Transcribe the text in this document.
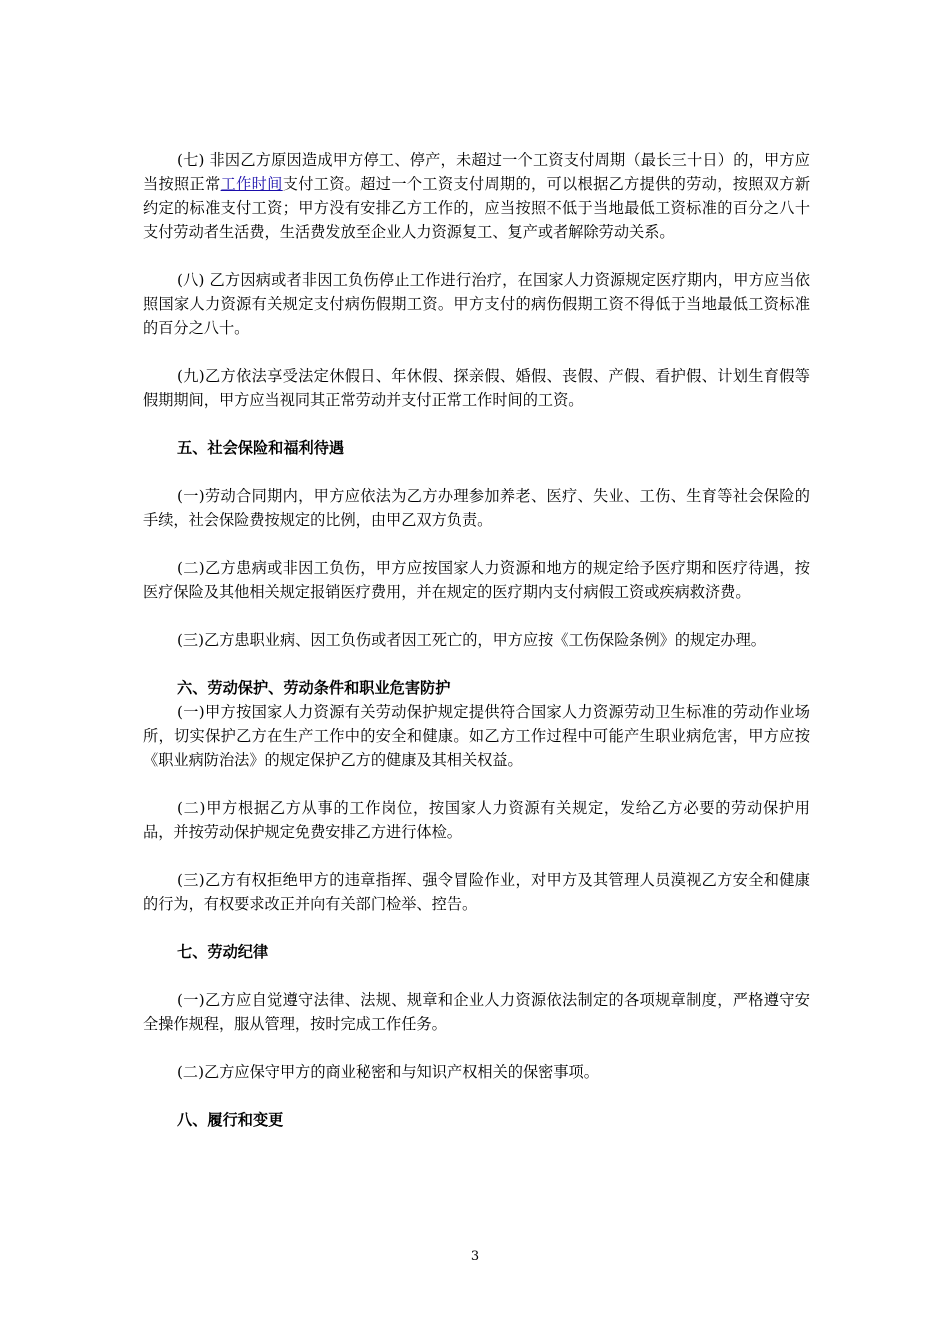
(七) 非因乙方原因造成甲方停工、停产，未超过一个工资支付周期（最长三十日）的，甲方应当按照正常工作时间支付工资。超过一个工资支付周期的，可以根据乙方提供的劳动，按照双方新约定的标准支付工资；甲方没有安排乙方工作的，应当按照不低于当地最低工资标准的百分之八十支付劳动者生活费，生活费发放至企业人力资源复工、复产或者解除劳动关系。

(八) 乙方因病或者非因工负伤停止工作进行治疗，在国家人力资源规定医疗期内，甲方应当依照国家人力资源有关规定支付病伤假期工资。甲方支付的病伤假期工资不得低于当地最低工资标准的百分之八十。

(九)乙方依法享受法定休假日、年休假、探亲假、婚假、丧假、产假、看护假、计划生育假等假期期间，甲方应当视同其正常劳动并支付正常工作时间的工资。

五、社会保险和福利待遇

(一)劳动合同期内，甲方应依法为乙方办理参加养老、医疗、失业、工伤、生育等社会保险的手续，社会保险费按规定的比例，由甲乙双方负责。

(二)乙方患病或非因工负伤，甲方应按国家人力资源和地方的规定给予医疗期和医疗待遇，按医疗保险及其他相关规定报销医疗费用，并在规定的医疗期内支付病假工资或疾病救济费。

(三)乙方患职业病、因工负伤或者因工死亡的，甲方应按《工伤保险条例》的规定办理。

六、劳动保护、劳动条件和职业危害防护

(一)甲方按国家人力资源有关劳动保护规定提供符合国家人力资源劳动卫生标准的劳动作业场所，切实保护乙方在生产工作中的安全和健康。如乙方工作过程中可能产生职业病危害，甲方应按《职业病防治法》的规定保护乙方的健康及其相关权益。

(二)甲方根据乙方从事的工作岗位，按国家人力资源有关规定，发给乙方必要的劳动保护用品，并按劳动保护规定免费安排乙方进行体检。

(三)乙方有权拒绝甲方的违章指挥、强令冒险作业，对甲方及其管理人员漠视乙方安全和健康的行为，有权要求改正并向有关部门检举、控告。

七、劳动纪律

(一)乙方应自觉遵守法律、法规、规章和企业人力资源依法制定的各项规章制度，严格遵守安全操作规程，服从管理，按时完成工作任务。

(二)乙方应保守甲方的商业秘密和与知识产权相关的保密事项。

八、履行和变更

3
